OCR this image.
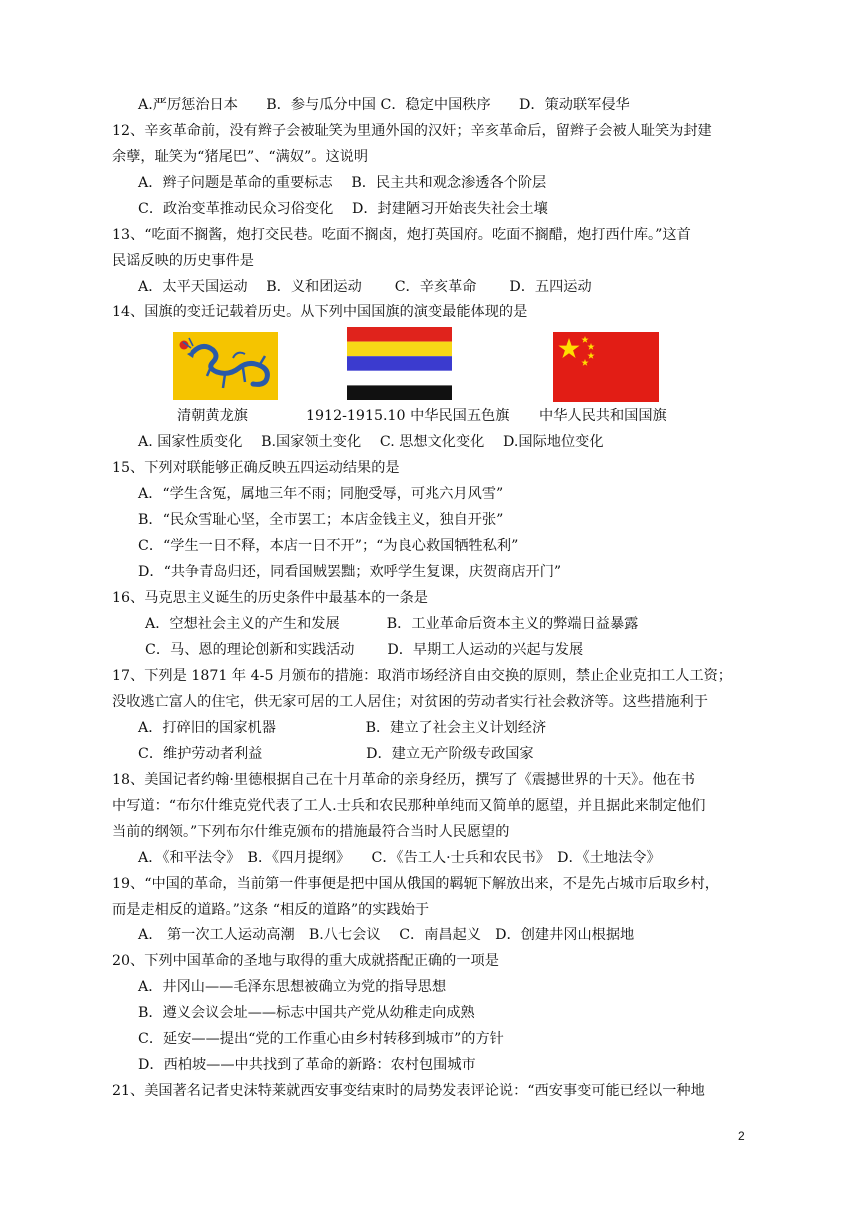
A.严厉惩治日本　　B．参与瓜分中国 C．稳定中国秩序　　D．策动联军侵华
12、辛亥革命前，没有辫子会被耻笑为里通外国的汉奸；辛亥革命后，留辫子会被人耻笑为封建
余孽，耻笑为“猪尾巴”、“满奴”。这说明
A．辫子问题是革命的重要标志　 B．民主共和观念渗透各个阶层
C．政治变革推动民众习俗变化　 D．封建陋习开始丧失社会土壤
13、“吃面不搁酱，炮打交民巷。吃面不搁卤，炮打英国府。吃面不搁醋，炮打西什库。”这首
民谣反映的历史事件是
A．太平天国运动　 B．义和团运动　　 C．辛亥革命　　 D．五四运动
14、国旗的变迁记载着历史。从下列中国国旗的演变最能体现的是
清朝黄龙旗	1912-1915.10 中华民国五色旗 中华人民共和国国旗
A. 国家性质变化　 B.国家领土变化　 C. 思想文化变化　 D.国际地位变化
15、下列对联能够正确反映五四运动结果的是
A．“学生含冤，属地三年不雨；同胞受辱，可兆六月风雪”
B．“民众雪耻心坚，全市罢工；本店金钱主义，独自开张”
C．“学生一日不释，本店一日不开”；“为良心救国牺牲私利”
D．“共争青岛归还，同看国贼罢黜；欢呼学生复课，庆贺商店开门”
16、马克思主义诞生的历史条件中最基本的一条是
A．空想社会主义的产生和发展　　　 B．工业革命后资本主义的弊端日益暴露
C．马、恩的理论创新和实践活动　　 D．早期工人运动的兴起与发展
17、下列是 1871 年 4-5 月颁布的措施：取消市场经济自由交换的原则，禁止企业克扣工人工资；
没收逃亡富人的住宅，供无家可居的工人居住；对贫困的劳动者实行社会救济等。这些措施利于
A．打碎旧的国家机器　　　　　　 B．建立了社会主义计划经济
C．维护劳动者利益　　　　　　　 D．建立无产阶级专政国家
18、美国记者约翰·里德根据自己在十月革命的亲身经历，撰写了《震撼世界的十天》。他在书
中写道：“布尔什维克党代表了工人.士兵和农民那种单纯而又简单的愿望，并且据此来制定他们
当前的纲领。”下列布尔什维克颁布的措施最符合当时人民愿望的
A．《和平法令》　B．《四月提纲》　　C．《告工人·士兵和农民书》　D．《土地法令》
19、“中国的革命，当前第一件事便是把中国从俄国的羁轭下解放出来，不是先占城市后取乡村，
而是走相反的道路。”这条 “相反的道路”的实践始于
A.　第一次工人运动高潮　B.八七会议　 C．南昌起义　D．创建井冈山根据地
20、下列中国革命的圣地与取得的重大成就搭配正确的一项是
A．井冈山——毛泽东思想被确立为党的指导思想
B．遵义会议会址——标志中国共产党从幼稚走向成熟
C．延安——提出“党的工作重心由乡村转移到城市”的方针
D．西柏坡——中共找到了革命的新路：农村包围城市
21、美国著名记者史沫特莱就西安事变结束时的局势发表评论说：“西安事变可能已经以一种地
2
